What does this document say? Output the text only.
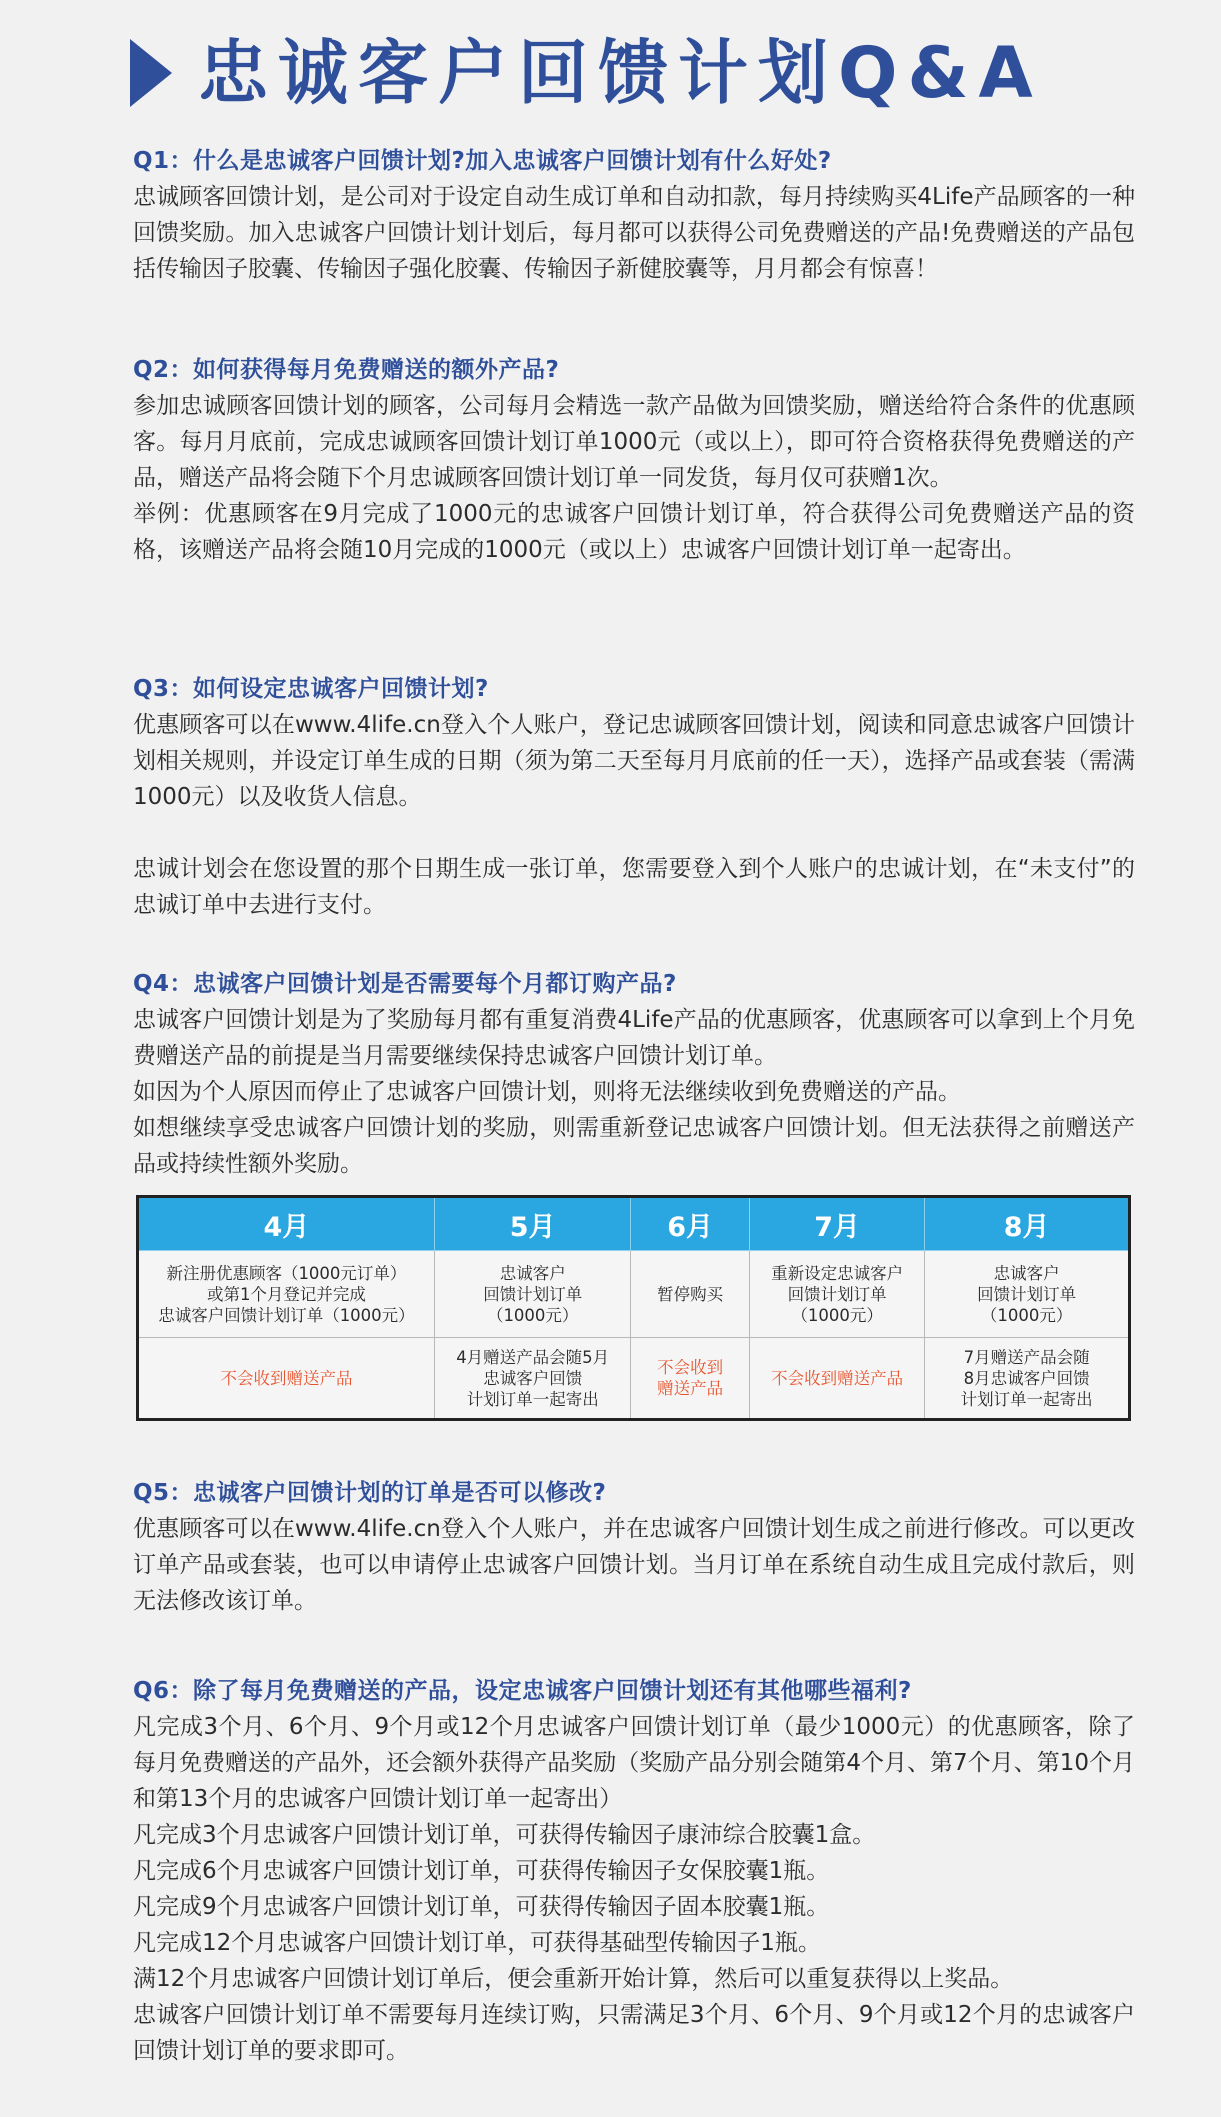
忠诚客户回馈计划Q&A
Q1：什么是忠诚客户回馈计划?加入忠诚客户回馈计划有什么好处?

忠诚顾客回馈计划，是公司对于设定自动生成订单和自动扣款，每月持续购买4Life产品顾客的一种回馈奖励。加入忠诚客户回馈计划计划后，每月都可以获得公司免费赠送的产品!免费赠送的产品包括传输因子胶囊、传输因子强化胶囊、传输因子新健胶囊等，月月都会有惊喜！

Q2：如何获得每月免费赠送的额外产品?

参加忠诚顾客回馈计划的顾客，公司每月会精选一款产品做为回馈奖励，赠送给符合条件的优惠顾客。每月月底前，完成忠诚顾客回馈计划订单1000元（或以上），即可符合资格获得免费赠送的产品，赠送产品将会随下个月忠诚顾客回馈计划订单一同发货，每月仅可获赠1次。

举例：优惠顾客在9月完成了1000元的忠诚客户回馈计划订单，符合获得公司免费赠送产品的资格，该赠送产品将会随10月完成的1000元（或以上）忠诚客户回馈计划订单一起寄出。

Q3：如何设定忠诚客户回馈计划?

优惠顾客可以在www.4life.cn登入个人账户，登记忠诚顾客回馈计划，阅读和同意忠诚客户回馈计划相关规则，并设定订单生成的日期（须为第二天至每月月底前的任一天），选择产品或套装（需满1000元）以及收货人信息。

忠诚计划会在您设置的那个日期生成一张订单，您需要登入到个人账户的忠诚计划，在“未支付”的忠诚订单中去进行支付。

Q4：忠诚客户回馈计划是否需要每个月都订购产品?

忠诚客户回馈计划是为了奖励每月都有重复消费4Life产品的优惠顾客，优惠顾客可以拿到上个月免费赠送产品的前提是当月需要继续保持忠诚客户回馈计划订单。

如因为个人原因而停止了忠诚客户回馈计划，则将无法继续收到免费赠送的产品。

如想继续享受忠诚客户回馈计划的奖励，则需重新登记忠诚客户回馈计划。但无法获得之前赠送产品或持续性额外奖励。

4月	5月	6月	7月	8月

新注册优惠顾客（1000元订单）
或第1个月登记并完成
忠诚客户回馈计划订单（1000元）	忠诚客户
回馈计划订单
（1000元）	暂停购买	重新设定忠诚客户
回馈计划订单
（1000元）	忠诚客户
回馈计划订单
（1000元）

不会收到赠送产品	4月赠送产品会随5月
忠诚客户回馈
计划订单一起寄出	不会收到
赠送产品	不会收到赠送产品	7月赠送产品会随
8月忠诚客户回馈
计划订单一起寄出
Q5：忠诚客户回馈计划的订单是否可以修改?

优惠顾客可以在www.4life.cn登入个人账户，并在忠诚客户回馈计划生成之前进行修改。可以更改订单产品或套装，也可以申请停止忠诚客户回馈计划。当月订单在系统自动生成且完成付款后，则无法修改该订单。

Q6：除了每月免费赠送的产品，设定忠诚客户回馈计划还有其他哪些福利?

凡完成3个月、6个月、9个月或12个月忠诚客户回馈计划订单（最少1000元）的优惠顾客，除了每月免费赠送的产品外，还会额外获得产品奖励（奖励产品分别会随第4个月、第7个月、第10个月和第13个月的忠诚客户回馈计划订单一起寄出）

凡完成3个月忠诚客户回馈计划订单，可获得传输因子康沛综合胶囊1盒。

凡完成6个月忠诚客户回馈计划订单，可获得传输因子女保胶囊1瓶。

凡完成9个月忠诚客户回馈计划订单，可获得传输因子固本胶囊1瓶。

凡完成12个月忠诚客户回馈计划订单，可获得基础型传输因子1瓶。

满12个月忠诚客户回馈计划订单后，便会重新开始计算，然后可以重复获得以上奖品。

忠诚客户回馈计划订单不需要每月连续订购，只需满足3个月、6个月、9个月或12个月的忠诚客户回馈计划订单的要求即可。
